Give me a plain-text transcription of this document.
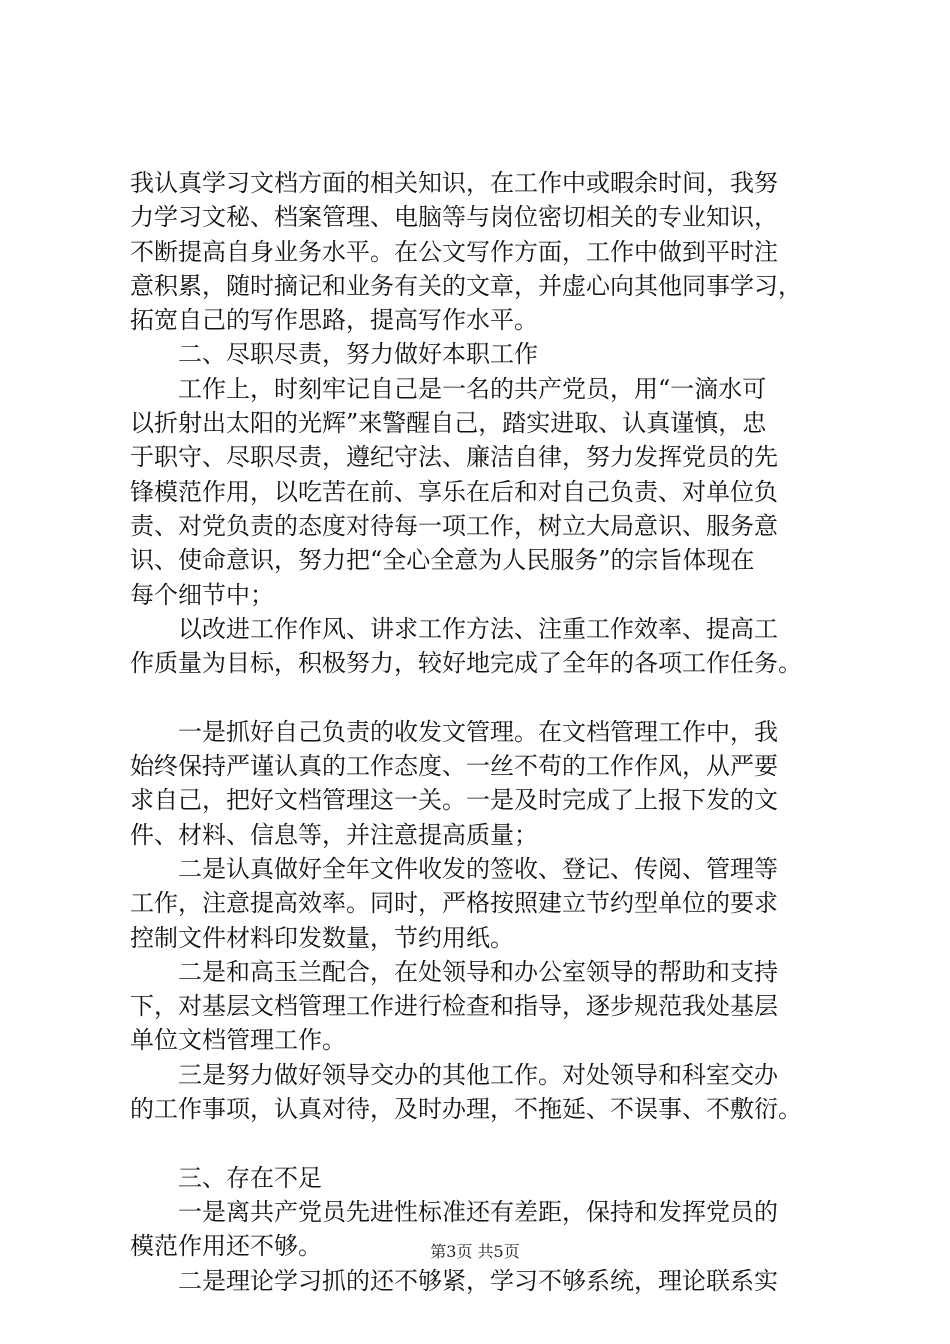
我认真学习文档方面的相关知识，在工作中或暇余时间，我努
力学习文秘、档案管理、电脑等与岗位密切相关的专业知识，
不断提高自身业务水平。在公文写作方面，工作中做到平时注
意积累，随时摘记和业务有关的文章，并虚心向其他同事学习，
拓宽自己的写作思路，提高写作水平。
　　二、尽职尽责，努力做好本职工作
　　工作上，时刻牢记自己是一名的共产党员，用“一滴水可
以折射出太阳的光辉”来警醒自己，踏实进取、认真谨慎，忠
于职守、尽职尽责，遵纪守法、廉洁自律，努力发挥党员的先
锋模范作用，以吃苦在前、享乐在后和对自己负责、对单位负
责、对党负责的态度对待每一项工作，树立大局意识、服务意
识、使命意识，努力把“全心全意为人民服务”的宗旨体现在
每个细节中；
　　以改进工作作风、讲求工作方法、注重工作效率、提高工
作质量为目标，积极努力，较好地完成了全年的各项工作任务。
　　一是抓好自己负责的收发文管理。在文档管理工作中，我
始终保持严谨认真的工作态度、一丝不苟的工作作风，从严要
求自己，把好文档管理这一关。一是及时完成了上报下发的文
件、材料、信息等，并注意提高质量；
　　二是认真做好全年文件收发的签收、登记、传阅、管理等
工作，注意提高效率。同时，严格按照建立节约型单位的要求
控制文件材料印发数量，节约用纸。
　　二是和高玉兰配合，在处领导和办公室领导的帮助和支持
下，对基层文档管理工作进行检查和指导，逐步规范我处基层
单位文档管理工作。
　　三是努力做好领导交办的其他工作。对处领导和科室交办
的工作事项，认真对待，及时办理，不拖延、不误事、不敷衍。
　　三、存在不足
　　一是离共产党员先进性标准还有差距，保持和发挥党员的
模范作用还不够。
　　二是理论学习抓的还不够紧，学习不够系统，理论联系实
第3页 共5页
